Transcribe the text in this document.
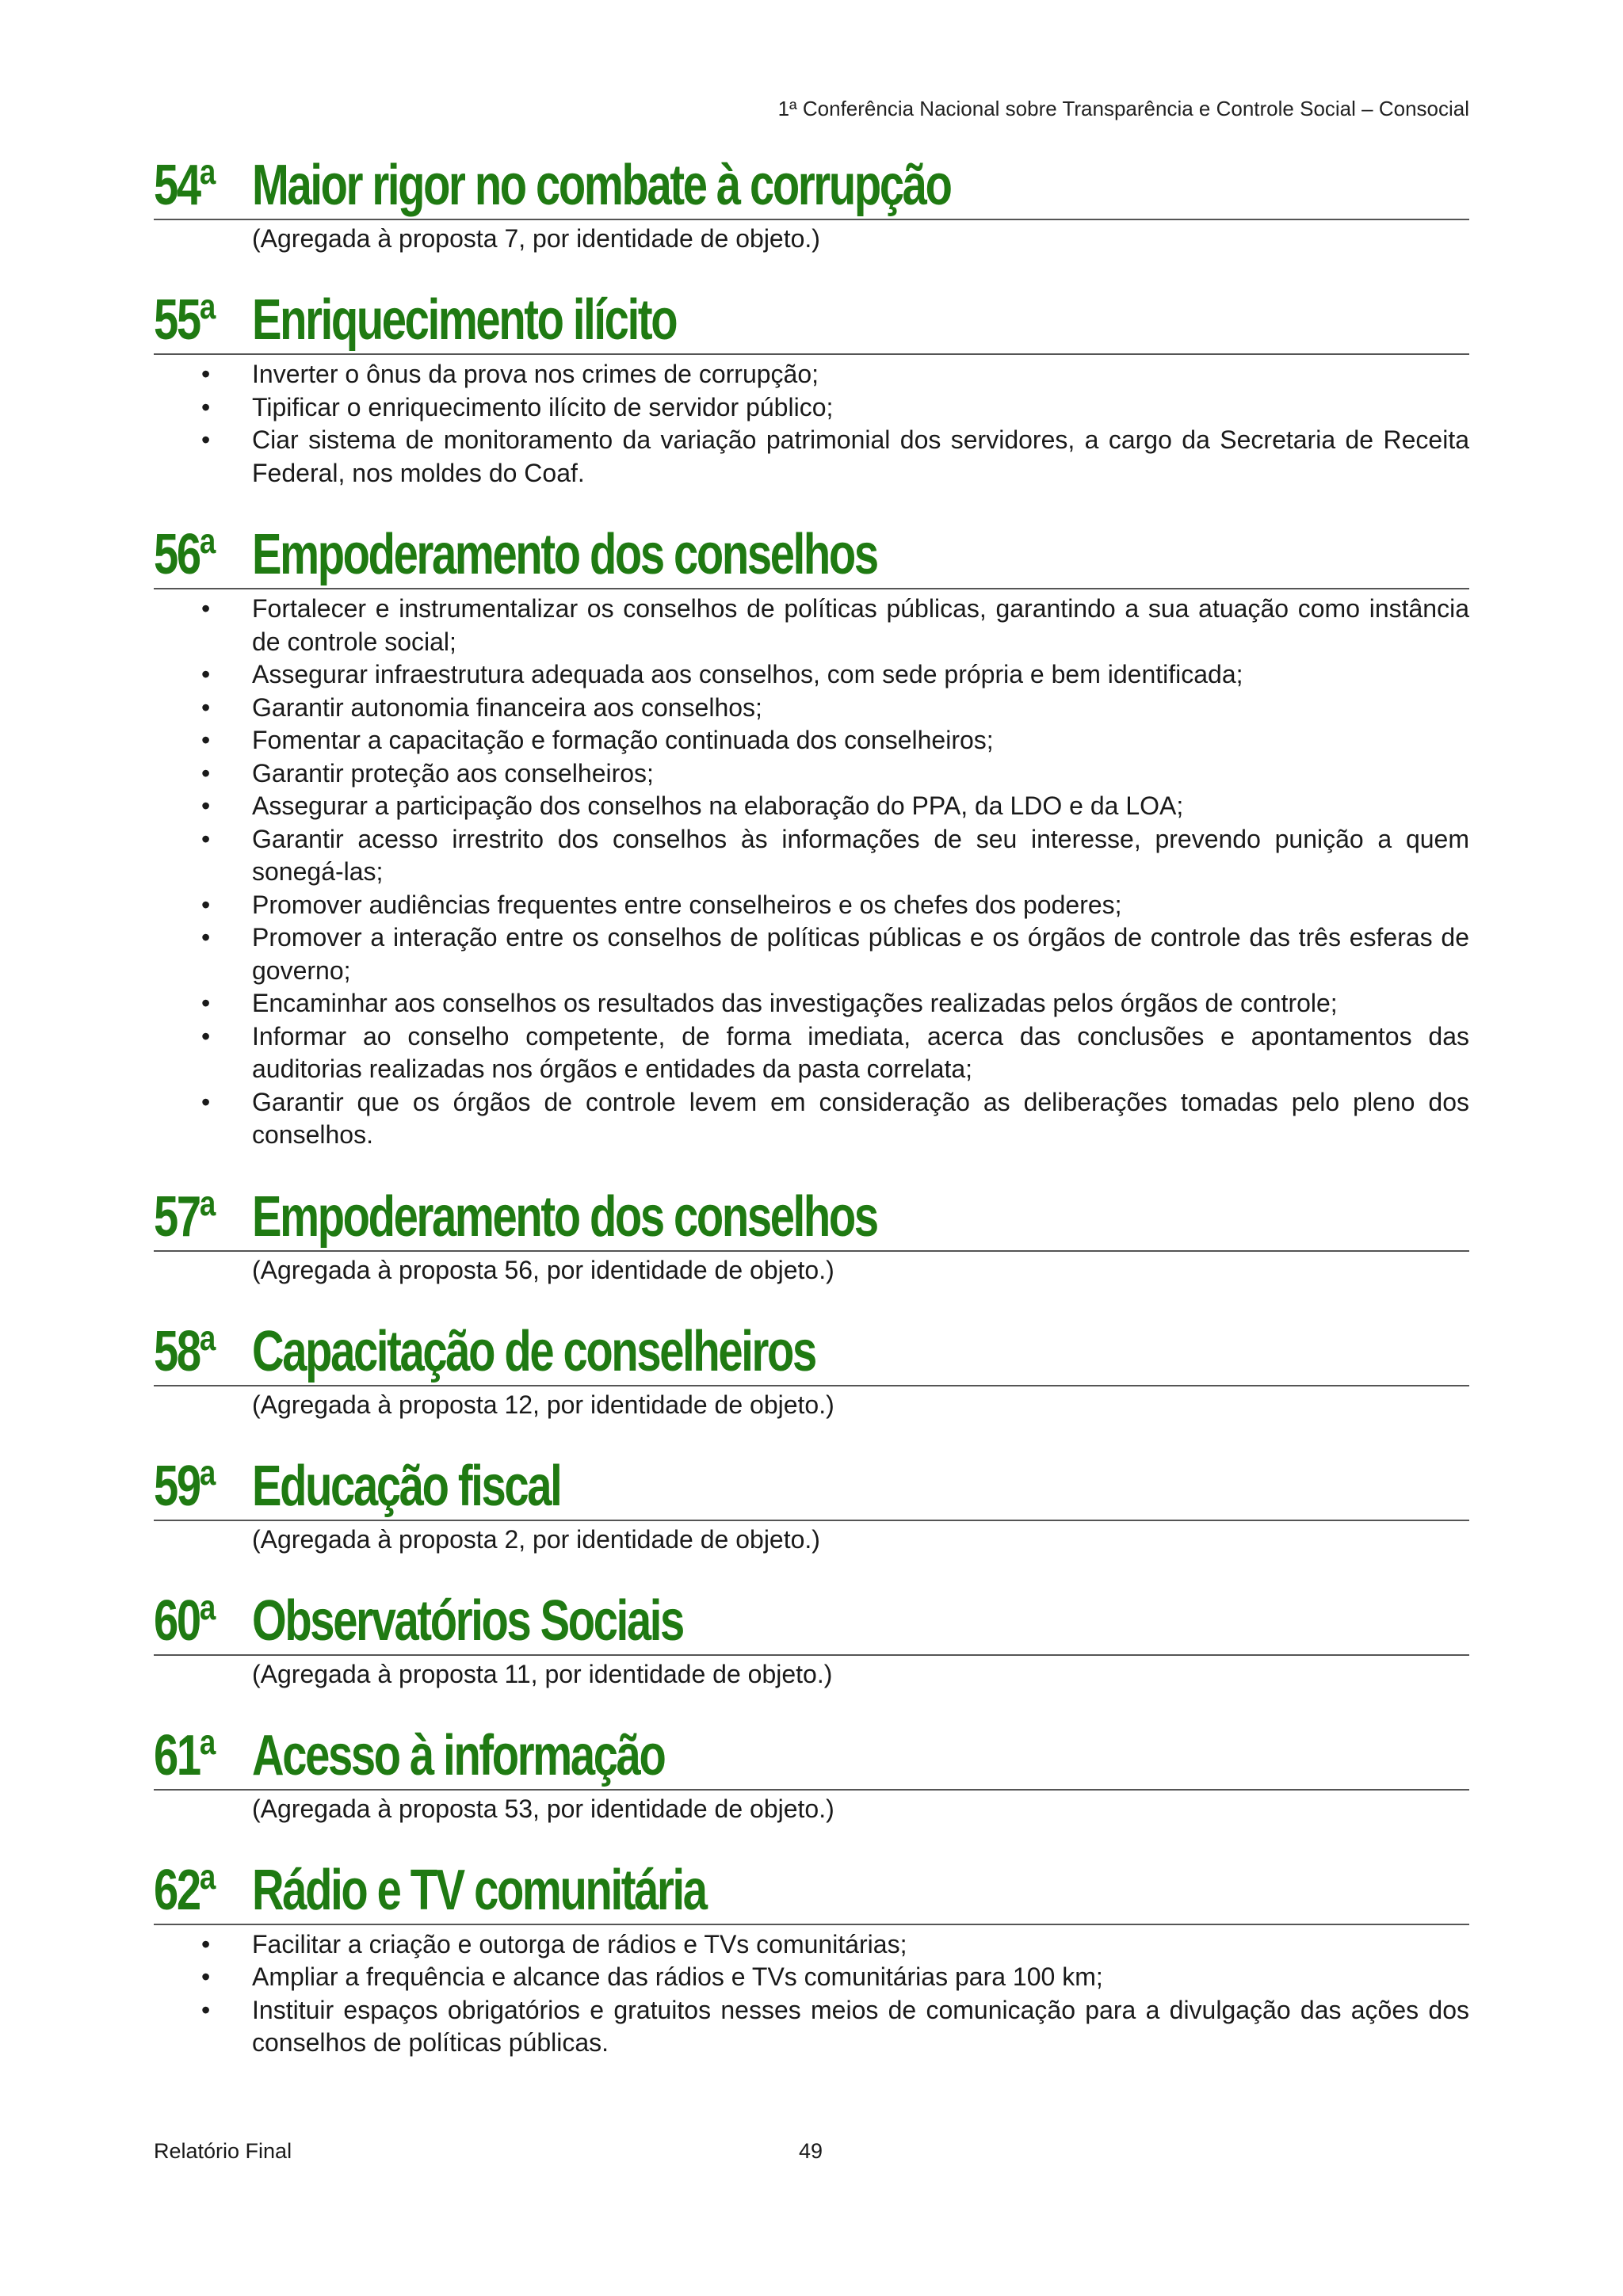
1ª Conferência Nacional sobre Transparência e Controle Social – Consocial
54ª Maior rigor no combate à corrupção
(Agregada à proposta 7, por identidade de objeto.)
55ª Enriquecimento ilícito
• Inverter o ônus da prova nos crimes de corrupção;
• Tipificar o enriquecimento ilícito de servidor público;
• Ciar sistema de monitoramento da variação patrimonial dos servidores, a cargo da Secretaria de Receita Federal, nos moldes do Coaf.
56ª Empoderamento dos conselhos
• Fortalecer e instrumentalizar os conselhos de políticas públicas, garantindo a sua atuação como instância de controle social;
• Assegurar infraestrutura adequada aos conselhos, com sede própria e bem identificada;
• Garantir autonomia financeira aos conselhos;
• Fomentar a capacitação e formação continuada dos conselheiros;
• Garantir proteção aos conselheiros;
• Assegurar a participação dos conselhos na elaboração do PPA, da LDO e da LOA;
• Garantir acesso irrestrito dos conselhos às informações de seu interesse, prevendo punição a quem sonegá-las;
• Promover audiências frequentes entre conselheiros e os chefes dos poderes;
• Promover a interação entre os conselhos de políticas públicas e os órgãos de controle das três esferas de governo;
• Encaminhar aos conselhos os resultados das investigações realizadas pelos órgãos de controle;
• Informar ao conselho competente, de forma imediata, acerca das conclusões e apontamentos das auditorias realizadas nos órgãos e entidades da pasta correlata;
• Garantir que os órgãos de controle levem em consideração as deliberações tomadas pelo pleno dos conselhos.
57ª Empoderamento dos conselhos
(Agregada à proposta 56, por identidade de objeto.)
58ª Capacitação de conselheiros
(Agregada à proposta 12, por identidade de objeto.)
59ª Educação fiscal
(Agregada à proposta 2, por identidade de objeto.)
60ª Observatórios Sociais
(Agregada à proposta 11, por identidade de objeto.)
61ª Acesso à informação
(Agregada à proposta 53, por identidade de objeto.)
62ª Rádio e TV comunitária
• Facilitar a criação e outorga de rádios e TVs comunitárias;
• Ampliar a frequência e alcance das rádios e TVs comunitárias para 100 km;
• Instituir espaços obrigatórios e gratuitos nesses meios de comunicação para a divulgação das ações dos conselhos de políticas públicas.
Relatório Final	49
